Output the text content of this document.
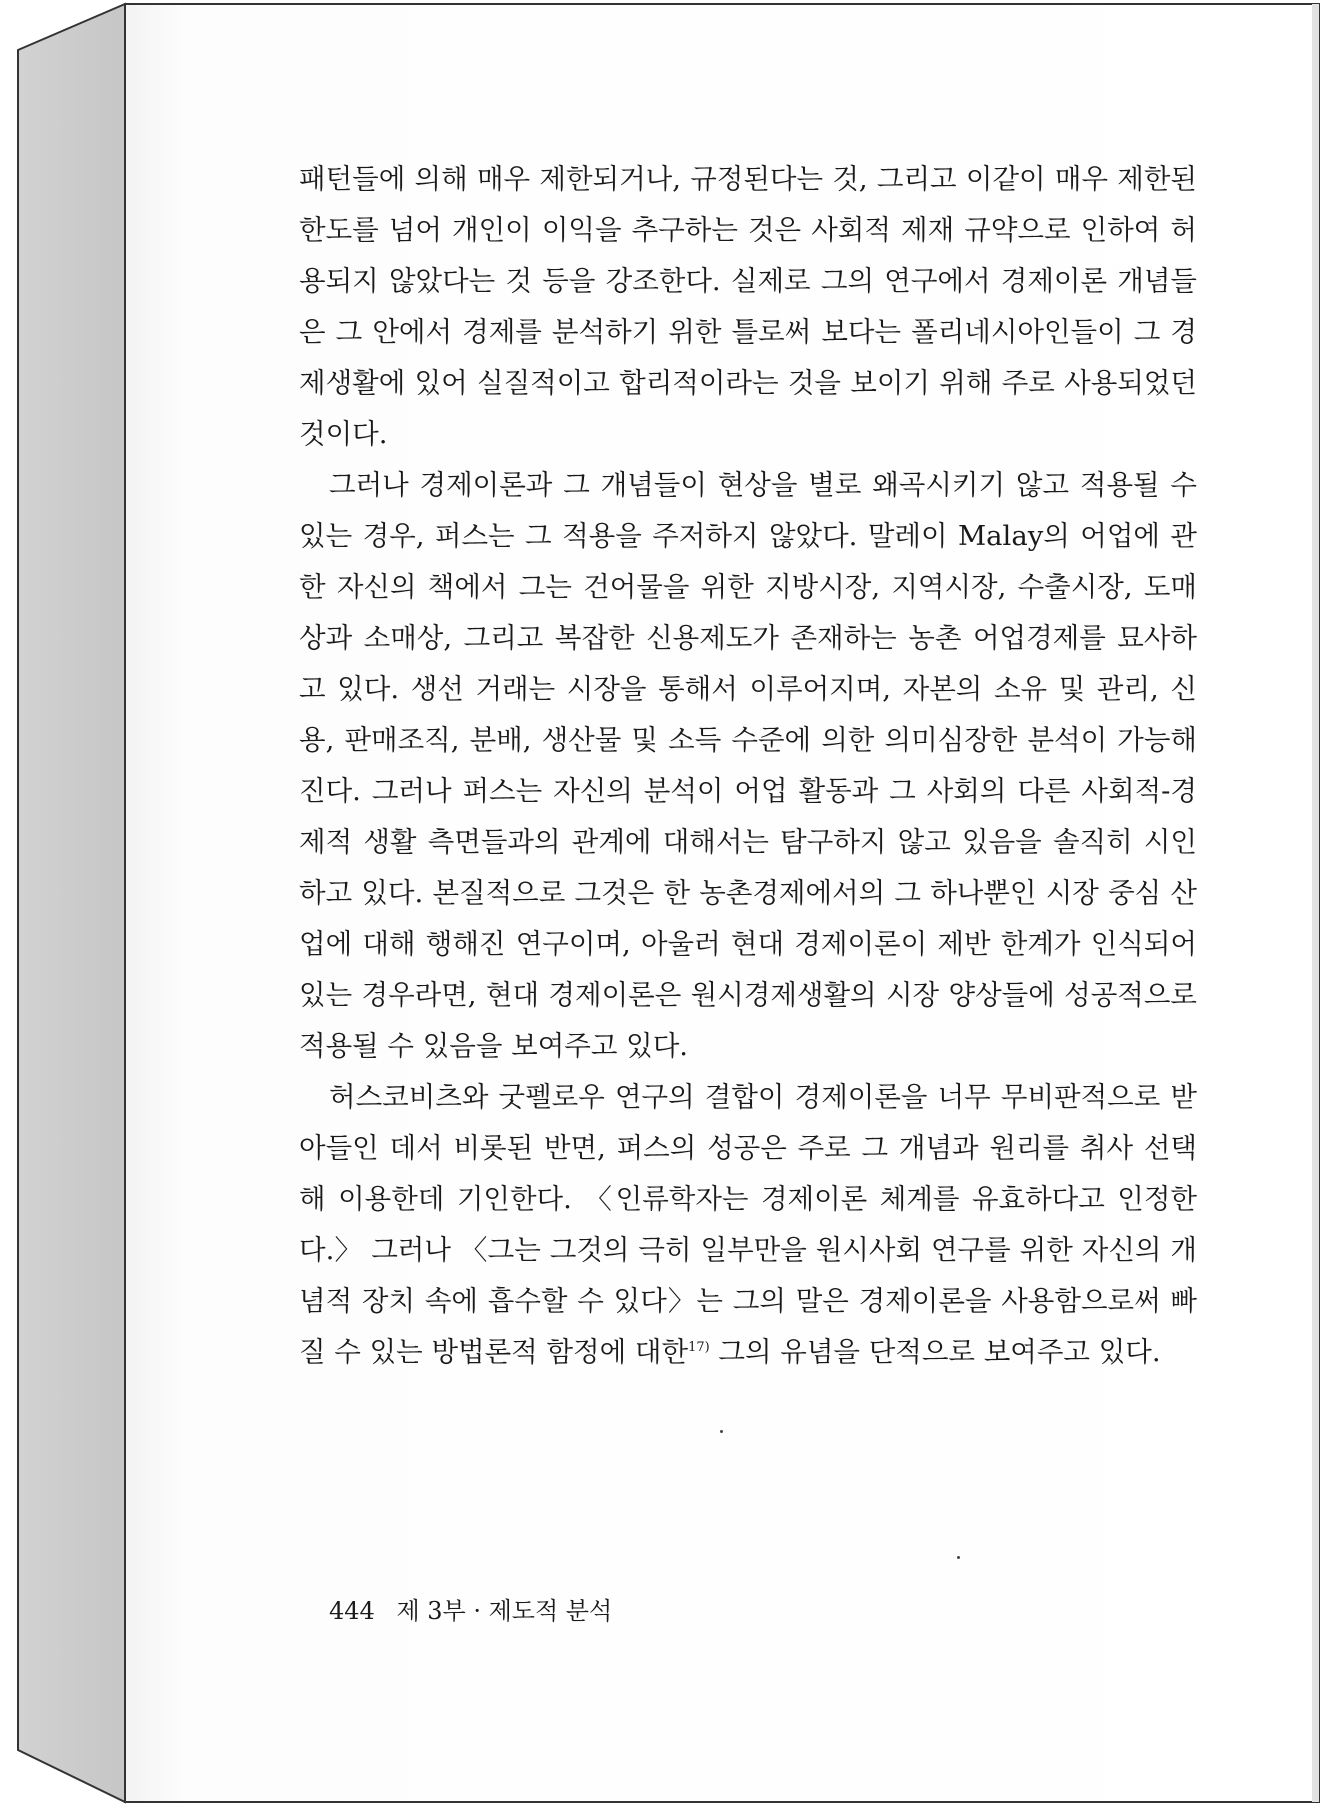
패턴들에 의해 매우 제한되거나, 규정된다는 것, 그리고 이같이 매우 제한된 한도를 넘어 개인이 이익을 추구하는 것은 사회적 제재 규약으로 인하여 허용되지 않았다는 것 등을 강조한다. 실제로 그의 연구에서 경제이론 개념들은 그 안에서 경제를 분석하기 위한 틀로써 보다는 폴리네시아인들이 그 경제생활에 있어 실질적이고 합리적이라는 것을 보이기 위해 주로 사용되었던 것이다.

그러나 경제이론과 그 개념들이 현상을 별로 왜곡시키기 않고 적용될 수 있는 경우, 퍼스는 그 적용을 주저하지 않았다. 말레이 Malay의 어업에 관한 자신의 책에서 그는 건어물을 위한 지방시장, 지역시장, 수출시장, 도매상과 소매상, 그리고 복잡한 신용제도가 존재하는 농촌 어업경제를 묘사하고 있다. 생선 거래는 시장을 통해서 이루어지며, 자본의 소유 및 관리, 신용, 판매조직, 분배, 생산물 및 소득 수준에 의한 의미심장한 분석이 가능해 진다. 그러나 퍼스는 자신의 분석이 어업 활동과 그 사회의 다른 사회적-경제적 생활 측면들과의 관계에 대해서는 탐구하지 않고 있음을 솔직히 시인하고 있다. 본질적으로 그것은 한 농촌경제에서의 그 하나뿐인 시장 중심 산업에 대해 행해진 연구이며, 아울러 현대 경제이론이 제반 한계가 인식되어 있는 경우라면, 현대 경제이론은 원시경제생활의 시장 양상들에 성공적으로 적용될 수 있음을 보여주고 있다.

허스코비츠와 굿펠로우 연구의 결합이 경제이론을 너무 무비판적으로 받아들인 데서 비롯된 반면, 퍼스의 성공은 주로 그 개념과 원리를 취사 선택해 이용한데 기인한다. 〈인류학자는 경제이론 체계를 유효하다고 인정한다.〉 그러나 〈그는 그것의 극히 일부만을 원시사회 연구를 위한 자신의 개념적 장치 속에 흡수할 수 있다〉는 그의 말은 경제이론을 사용함으로써 빠질 수 있는 방법론적 함정에 대한$^{17)}$ 그의 유념을 단적으로 보여주고 있다.

444 제 3부 · 제도적 분석
